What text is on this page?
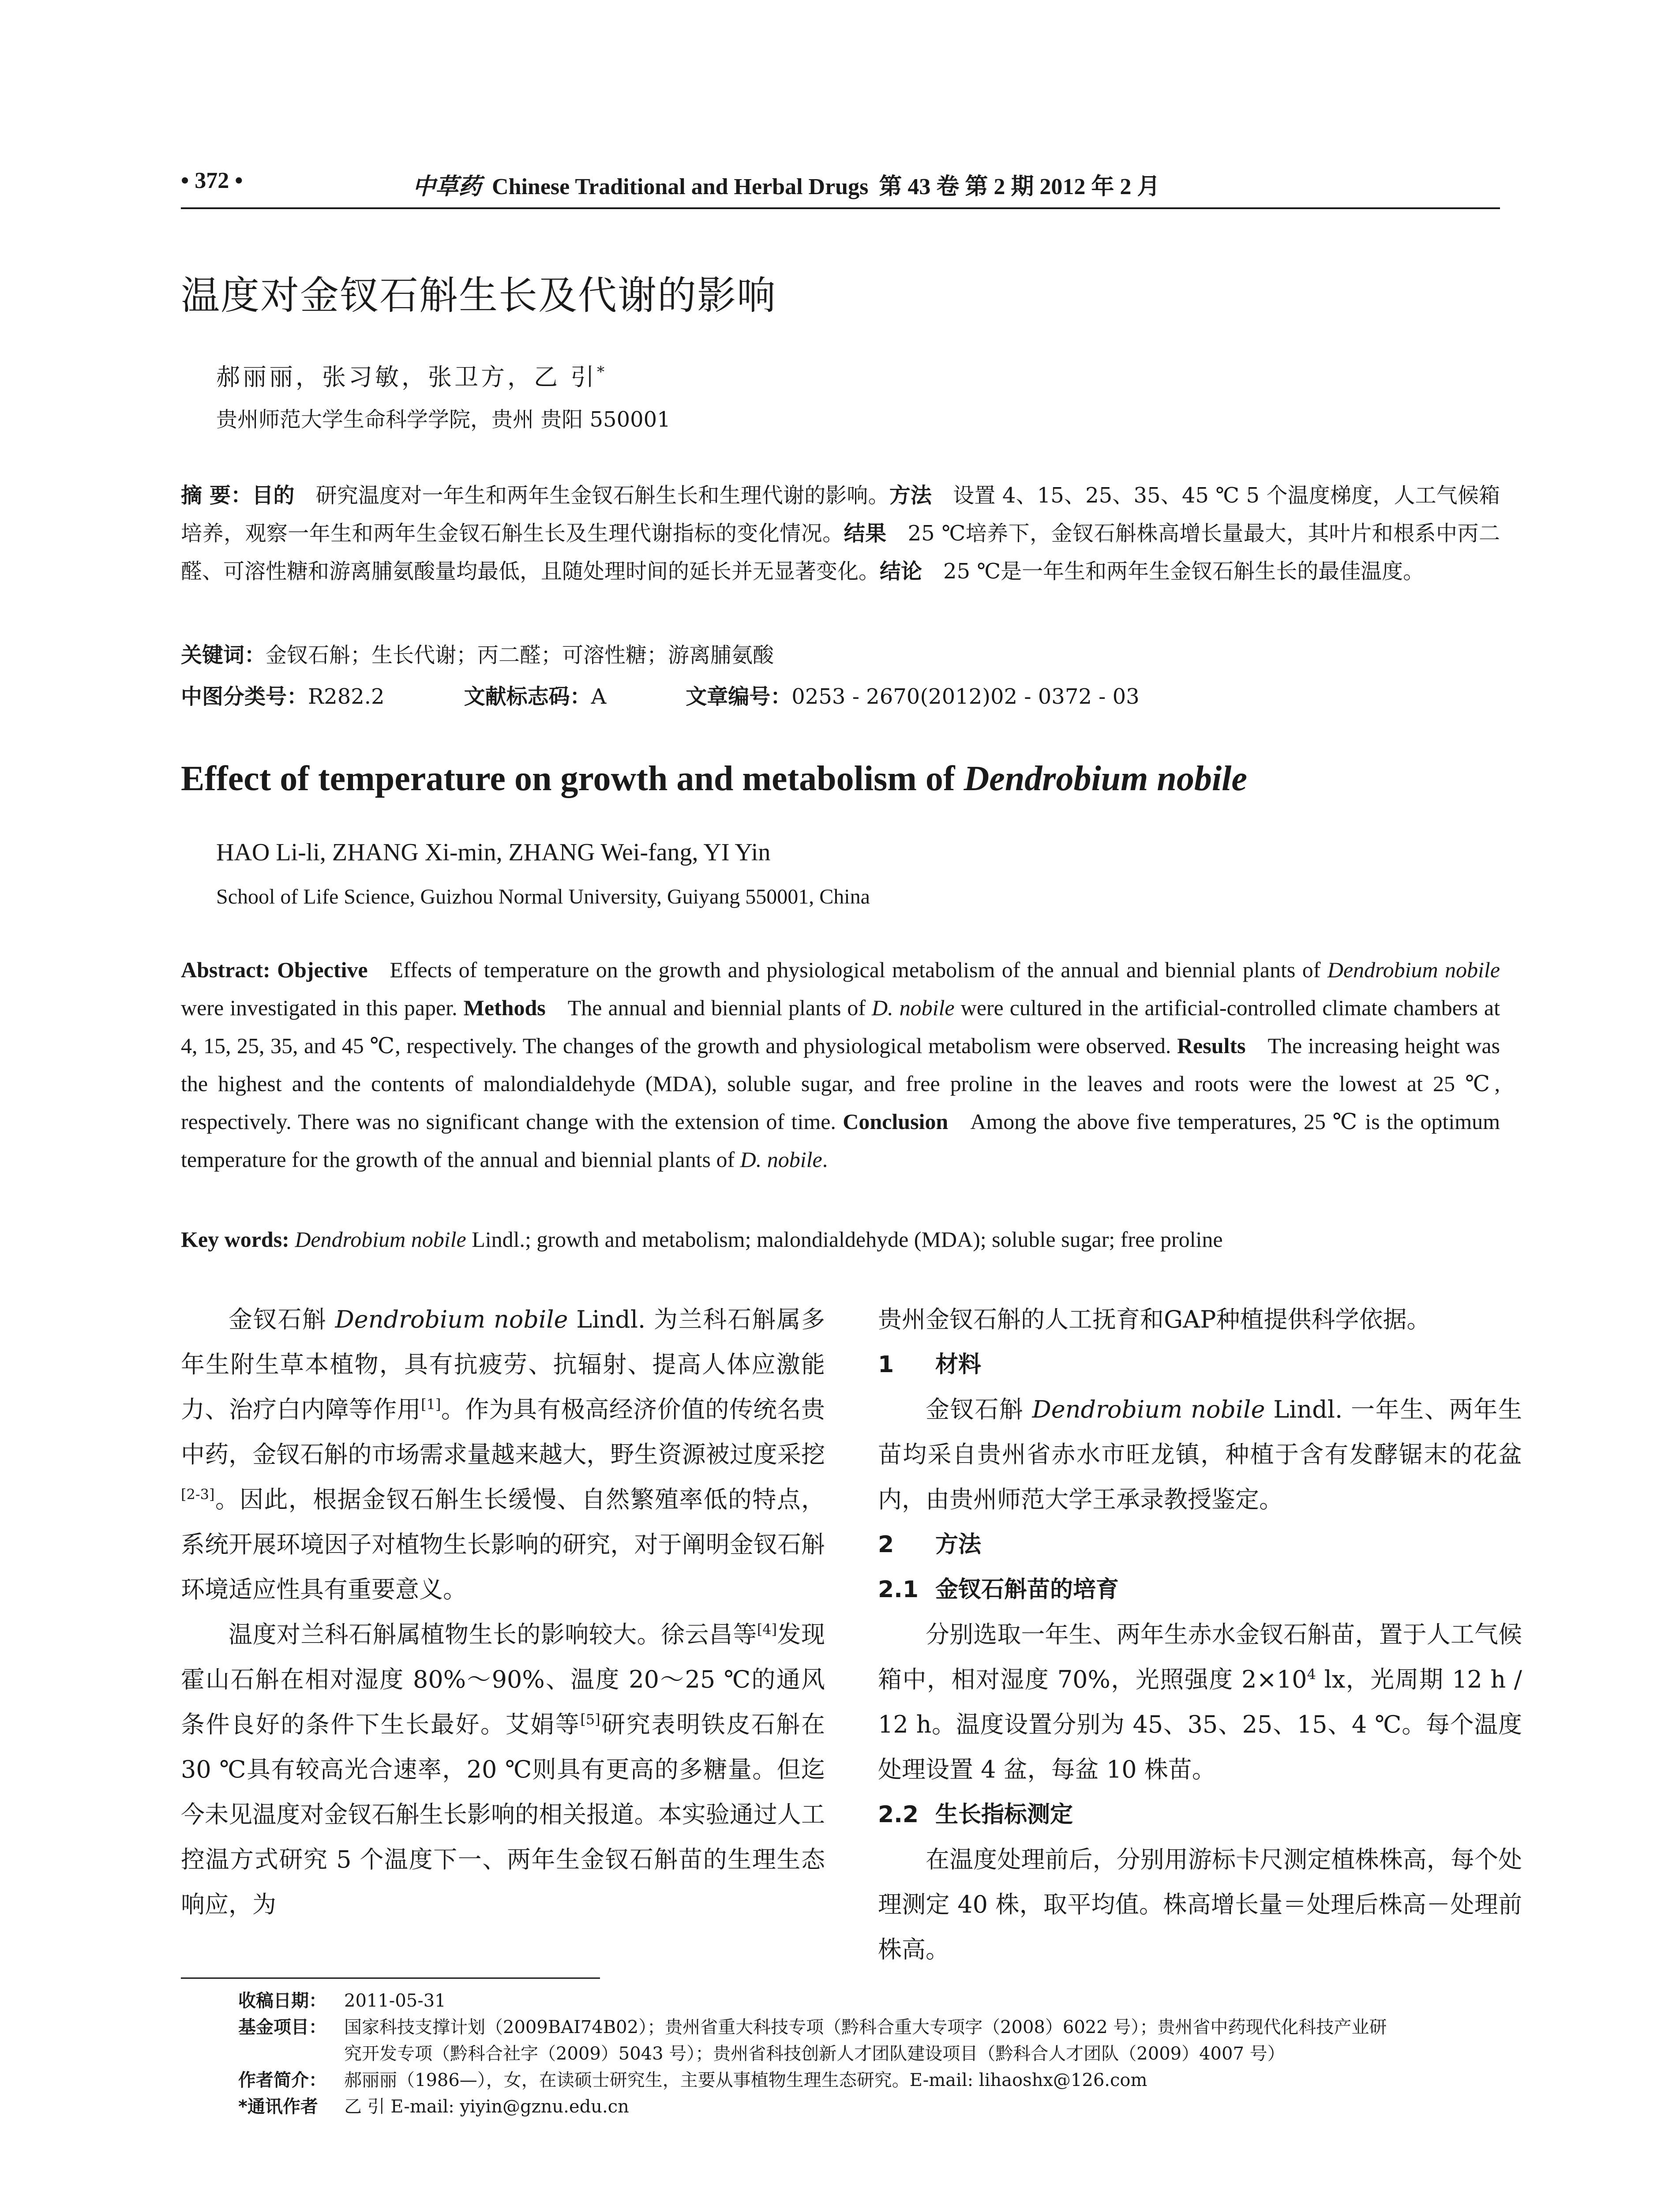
• 372 •	中草药 Chinese Traditional and Herbal Drugs 第 43 卷 第 2 期 2012 年 2 月
温度对金钗石斛生长及代谢的影响
郝丽丽，张习敏，张卫方，乙 引*
贵州师范大学生命科学学院，贵州 贵阳 550001
摘 要：目的  研究温度对一年生和两年生金钗石斛生长和生理代谢的影响。方法  设置 4、15、25、35、45 ℃ 5 个温度梯度，人工气候箱培养，观察一年生和两年生金钗石斛生长及生理代谢指标的变化情况。结果  25 ℃培养下，金钗石斛株高增长量最大，其叶片和根系中丙二醛、可溶性糖和游离脯氨酸量均最低，且随处理时间的延长并无显著变化。结论  25 ℃是一年生和两年生金钗石斛生长的最佳温度。
关键词：金钗石斛；生长代谢；丙二醛；可溶性糖；游离脯氨酸
中图分类号：R282.2	文献标志码：A	文章编号：0253 - 2670(2012)02 - 0372 - 03
Effect of temperature on growth and metabolism of Dendrobium nobile
HAO Li-li, ZHANG Xi-min, ZHANG Wei-fang, YI Yin
School of Life Science, Guizhou Normal University, Guiyang 550001, China
Abstract: Objective  Effects of temperature on the growth and physiological metabolism of the annual and biennial plants of Dendrobium nobile were investigated in this paper. Methods  The annual and biennial plants of D. nobile were cultured in the artificial-controlled climate chambers at 4, 15, 25, 35, and 45 ℃, respectively. The changes of the growth and physiological metabolism were observed. Results  The increasing height was the highest and the contents of malondialdehyde (MDA), soluble sugar, and free proline in the leaves and roots were the lowest at 25 ℃, respectively. There was no significant change with the extension of time. Conclusion  Among the above five temperatures, 25 ℃ is the optimum temperature for the growth of the annual and biennial plants of D. nobile.
Key words: Dendrobium nobile Lindl.; growth and metabolism; malondialdehyde (MDA); soluble sugar; free proline

金钗石斛 Dendrobium nobile Lindl. 为兰科石斛属多年生附生草本植物，具有抗疲劳、抗辐射、提高人体应激能力、治疗白内障等作用[1]。作为具有极高经济价值的传统名贵中药，金钗石斛的市场需求量越来越大，野生资源被过度采挖[2-3]。因此，根据金钗石斛生长缓慢、自然繁殖率低的特点，系统开展环境因子对植物生长影响的研究，对于阐明金钗石斛环境适应性具有重要意义。

温度对兰科石斛属植物生长的影响较大。徐云昌等[4]发现霍山石斛在相对湿度 80%～90%、温度 20～25 ℃的通风条件良好的条件下生长最好。艾娟等[5]研究表明铁皮石斛在 30 ℃具有较高光合速率，20 ℃则具有更高的多糖量。但迄今未见温度对金钗石斛生长影响的相关报道。本实验通过人工控温方式研究 5 个温度下一、两年生金钗石斛苗的生理生态响应，为

贵州金钗石斛的人工抚育和GAP种植提供科学依据。

1 材料

金钗石斛 Dendrobium nobile Lindl. 一年生、两年生苗均采自贵州省赤水市旺龙镇，种植于含有发酵锯末的花盆内，由贵州师范大学王承录教授鉴定。

2 方法
2.1 金钗石斛苗的培育

分别选取一年生、两年生赤水金钗石斛苗，置于人工气候箱中，相对湿度 70%，光照强度 $2\times 10^4$ lx，光周期 12 h / 12 h。温度设置分别为 45、35、25、15、4 ℃。每个温度处理设置 4 盆，每盆 10 株苗。

2.2 生长指标测定

在温度处理前后，分别用游标卡尺测定植株株高，每个处理测定 40 株，取平均值。株高增长量＝处理后株高－处理前株高。

收稿日期： 2011-05-31
基金项目： 国家科技支撑计划（2009BAI74B02）；贵州省重大科技专项（黔科合重大专项字（2008）6022 号）；贵州省中药现代化科技产业研
究开发专项（黔科合社字（2009）5043 号）；贵州省科技创新人才团队建设项目（黔科合人才团队（2009）4007 号）
作者简介： 郝丽丽（1986—），女，在读硕士研究生，主要从事植物生理生态研究。E-mail: lihaoshx@126.com
*通讯作者 乙 引 E-mail: yiyin@gznu.edu.cn
